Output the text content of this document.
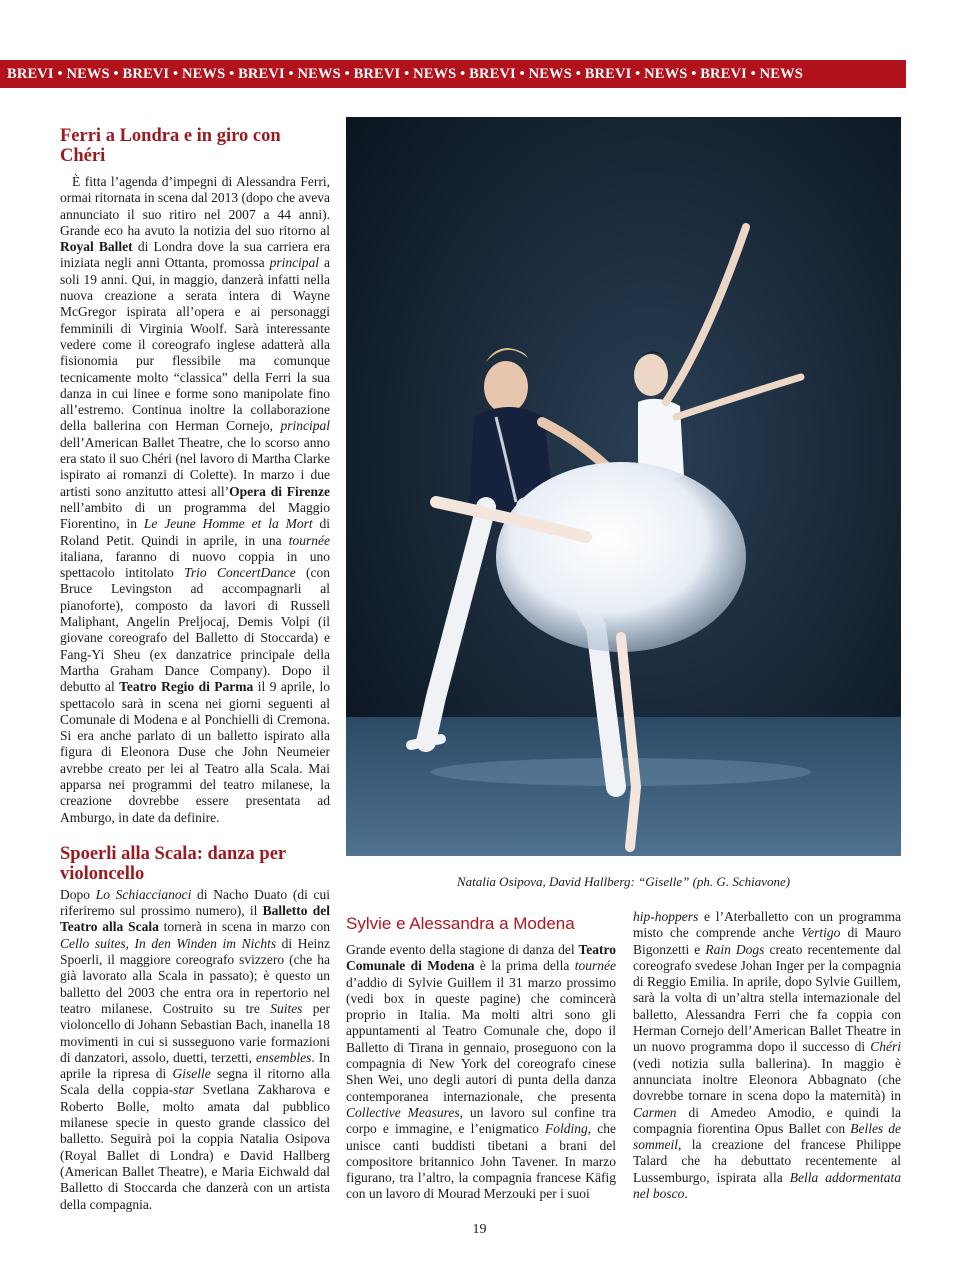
BREVI • NEWS • BREVI • NEWS • BREVI • NEWS • BREVI • NEWS • BREVI • NEWS • BREVI • NEWS • BREVI • NEWS
Ferri a Londra e in giro con Chéri

È fitta l’agenda d’impegni di Alessandra Ferri, ormai ritornata in scena dal 2013 (dopo che aveva annunciato il suo ritiro nel 2007 a 44 anni). Grande eco ha avuto la notizia del suo ritorno al Royal Ballet di Londra dove la sua carriera era iniziata negli anni Ottanta, promossa principal a soli 19 anni. Qui, in maggio, danzerà infatti nella nuova creazione a serata intera di Wayne McGregor ispirata all’opera e ai personaggi femminili di Virginia Woolf. Sarà interessante vedere come il coreografo inglese adatterà alla fisionomia pur flessibile ma comunque tecnicamente molto “classica” della Ferri la sua danza in cui linee e forme sono manipolate fino all’estremo. Continua inoltre la collaborazione della ballerina con Herman Cornejo, principal dell’American Ballet Theatre, che lo scorso anno era stato il suo Chéri (nel lavoro di Martha Clarke ispirato ai romanzi di Colette). In marzo i due artisti sono anzitutto attesi all’Opera di Firenze nell’ambito di un programma del Maggio Fiorentino, in Le Jeune Homme et la Mort di Roland Petit. Quindi in aprile, in una tournée italiana, faranno di nuovo coppia in uno spettacolo intitolato Trio ConcertDance (con Bruce Levingston ad accompagnarli al pianoforte), composto da lavori di Russell Maliphant, Angelin Preljocaj, Demis Volpi (il giovane coreografo del Balletto di Stoccarda) e Fang-Yi Sheu (ex danzatrice principale della Martha Graham Dance Company). Dopo il debutto al Teatro Regio di Parma il 9 aprile, lo spettacolo sarà in scena nei giorni seguenti al Comunale di Modena e al Ponchielli di Cremona. Si era anche parlato di un balletto ispirato alla figura di Eleonora Duse che John Neumeier avrebbe creato per lei al Teatro alla Scala. Mai apparsa nei programmi del teatro milanese, la creazione dovrebbe essere presentata ad Amburgo, in date da definire.

Spoerli alla Scala: danza per violoncello

Dopo Lo Schiaccianoci di Nacho Duato (di cui riferiremo sul prossimo numero), il Balletto del Teatro alla Scala tornerà in scena in marzo con Cello suites, In den Winden im Nichts di Heinz Spoerli, il maggiore coreografo svizzero (che ha già lavorato alla Scala in passato); è questo un balletto del 2003 che entra ora in repertorio nel teatro milanese. Costruito su tre Suites per violoncello di Johann Sebastian Bach, inanella 18 movimenti in cui si susseguono varie formazioni di danzatori, assolo, duetti, terzetti, ensembles. In aprile la ripresa di Giselle segna il ritorno alla Scala della coppia-star Svetlana Zakharova e Roberto Bolle, molto amata dal pubblico milanese specie in questo grande classico del balletto. Seguirà poi la coppia Natalia Osipova (Royal Ballet di Londra) e David Hallberg (American Ballet Theatre), e Maria Eichwald dal Balletto di Stoccarda che danzerà con un artista della compagnia.

Natalia Osipova, David Hallberg: “Giselle” (ph. G. Schiavone)
Sylvie e Alessandra a Modena

Grande evento della stagione di danza del Teatro Comunale di Modena è la prima della tournée d’addio di Sylvie Guillem il 31 marzo prossimo (vedi box in queste pagine) che comincerà proprio in Italia. Ma molti altri sono gli appuntamenti al Teatro Comunale che, dopo il Balletto di Tirana in gennaio, proseguono con la compagnia di New York del coreografo cinese Shen Wei, uno degli autori di punta della danza contemporanea internazionale, che presenta Collective Measures, un lavoro sul confine tra corpo e immagine, e l’enigmatico Folding, che unisce canti buddisti tibetani a brani del compositore britannico John Tavener. In marzo figurano, tra l’altro, la compagnia francese Käfig con un lavoro di Mourad Merzouki per i suoi

hip-hoppers e l’Aterballetto con un programma misto che comprende anche Vertigo di Mauro Bigonzetti e Rain Dogs creato recentemente dal coreografo svedese Johan Inger per la compagnia di Reggio Emilia. In aprile, dopo Sylvie Guillem, sarà la volta di un’altra stella internazionale del balletto, Alessandra Ferri che fa coppia con Herman Cornejo dell’American Ballet Theatre in un nuovo programma dopo il successo di Chéri (vedi notizia sulla ballerina). In maggio è annunciata inoltre Eleonora Abbagnato (che dovrebbe tornare in scena dopo la maternità) in Carmen di Amedeo Amodio, e quindi la compagnia fiorentina Opus Ballet con Belles de sommeil, la creazione del francese Philippe Talard che ha debuttato recentemente al Lussemburgo, ispirata alla Bella addormentata nel bosco.

19
